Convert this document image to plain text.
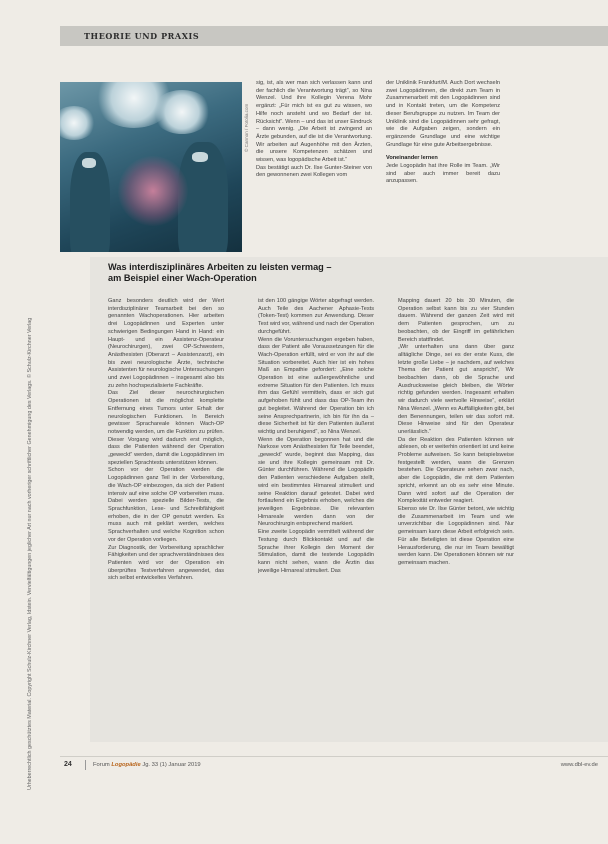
THEORIE UND PRAXIS
Urheberrechtlich geschütztes Material. Copyright Schulz-Kirchner Verlag, Idstein. Vervielfältigungen jeglicher Art nur nach vorheriger schriftlicher Genehmigung des Verlags. © Schulz-Kirchner Verlag
© Cannon / Fotolia.com

sig, ist, als wer man sich verlassen kann und der fachlich die Verantwortung trägt“, so Nina Wenzel. Und ihre Kollegin Verena Mohr ergänzt: „Für mich ist es gut zu wissen, wo Hilfe noch ansteht und wo Bedarf der ist. Rücksicht“. Wenn – und das ist unser Eindruck – dann wenig. „Die Arbeit ist zwingend an Ärzte gebunden, auf die ist die Verantwortung. Wir arbeiten auf Augenhöhe mit den Ärzten, die unsere Kompetenzen schätzen und wissen, was logopädische Arbeit ist.“

Das bestätigt auch Dr. Ilse Gunter-Steiner von den gewonnenen zwei Kollegen vom

der Uniklinik Frankfurt/M. Auch Dort wechseln zwei Logopädinnen, die direkt zum Team in Zusammenarbeit mit den Logopädinnen sind und in Kontakt treten, um die Kompetenz dieser Berufsgruppe zu nutzen. Im Team der Uniklinik sind die Logopädinnen sehr gefragt, wie die Aufgaben zeigen, sondern ein ergänzende Grundlage und eine wichtige Grundlage für eine gute Arbeitsergebnisse.

Voneinander lernen

Jede Logopädin hat ihre Rolle im Team. „Wir sind aber auch immer bereit dazu anzupassen.

Was interdisziplinäres Arbeiten zu leisten vermag –
am Beispiel einer Wach-Operation

Ganz besonders deutlich wird der Wert interdisziplinärer Teamarbeit bei den so genannten Wachoperationen. Hier arbeiten drei Logopädinnen und Experten unter schwierigen Bedingungen Hand in Hand: ein Haupt- und ein Assistenz-Operateur (Neurochirurgen), zwei OP-Schwestern, Anästhesisten (Oberarzt – Assistenzarzt), ein bis zwei neurologische Ärzte, technische Assistenten für neurologische Untersuchungen und zwei Logopädinnen – insgesamt also bis zu zehn hochspezialisierte Fachkräfte.

Das Ziel dieser neurochirurgischen Operationen ist die möglichst komplette Entfernung eines Tumors unter Erhalt der neurologischen Funktionen. In Bereich gewisser Sprachareale können Wach-OP notwendig werden, um die Funktion zu prüfen. Dieser Vorgang wird dadurch erst möglich, dass die Patienten während der Operation „geweckt“ werden, damit die Logopädinnen im speziellen Sprachtests unterstützen können.

Schon vor der Operation werden die Logopädinnen ganz Teil in der Vorbereitung, die Wach-OP einbezogen, da sich der Patient intensiv auf eine solche OP vorbereiten muss. Dabei werden spezielle Bilder-Tests, die Sprachfunktion, Lese- und Schreibfähigkeit erhoben, die in der OP genutzt werden. Es muss auch mit geklärt werden, welches Sprachverhalten und welche Kognition schon vor der Operation vorliegen.

Zur Diagnostik, der Vorbereitung sprachlicher Fähigkeiten und der sprachverständnisses des Patienten wird vor der Operation ein überprüftes Testverfahren angewendet, das sich selbst entwickeltes Verfahren.

ist den 100 gängige Wörter abgefragt werden. Auch Teile des Aachener Aphasie-Tests (Token-Test) kommen zur Anwendung. Dieser Test wird vor, während und nach der Operation durchgeführt.

Wenn die Voruntersuchungen ergeben haben, dass der Patient alle Voraussetzungen für die Wach-Operation erfüllt, wird er von ihr auf die Situation vorbereitet. Auch hier ist ein hohes Maß an Empathie gefordert: „Eine solche Operation ist eine außergewöhnliche und extreme Situation für den Patienten. Ich muss ihm das Gefühl vermitteln, dass er sich gut aufgehoben fühlt und dass das OP-Team ihn gut begleitet. Während der Operation bin ich seine Ansprechpartnerin, ich bin für ihn da – diese Sicherheit ist für den Patienten äußerst wichtig und beruhigend“, so Nina Wenzel.

Wenn die Operation begonnen hat und die Narkose vom Anästhesisten für Teile beendet, „geweckt“ wurde, beginnt das Mapping, das sie und ihre Kollegin gemeinsam mit Dr. Günter durchführen. Während die Logopädin den Patienten verschiedene Aufgaben stellt, wird ein bestimmtes Hirnareal stimuliert und seine Reaktion darauf getestet. Dabei wird fortlaufend ein Ergebnis erhoben, welches die jeweiligen Ergebnisse. Die relevanten Hirnareale werden dann von der Neurochirurgin entsprechend markiert.

Eine zweite Logopädin vermittelt während der Testung durch Blickkontakt und auf die Sprache ihrer Kollegin den Moment der Stimulation, damit die testende Logopädin kann nicht sehen, wann die Ärztin das jeweilige Hirnareal stimuliert. Das

Mapping dauert 20 bis 30 Minuten, die Operation selbst kann bis zu vier Stunden dauern. Während der ganzen Zeit wird mit dem Patienten gesprochen, um zu beobachten, ob der Eingriff im gefährlichen Bereich stattfindet.

„Wir unterhalten uns dann über ganz alltägliche Dinge, sei es der erste Kuss, die letzte große Liebe – je nachdem, auf welches Thema der Patient gut anspricht“, Wir beobachten dann, ob die Sprache und Ausdrucksweise gleich bleiben, die Wörter richtig gefunden werden. Insgesamt erhalten wir dadurch viele wertvolle Hinweise“, erklärt Nina Wenzel. „Wenn es Auffälligkeiten gibt, bei den Benennungen, teilen wir das sofort mit. Diese Hinweise sind für den Operateur unerlässlich.“

Da der Reaktion des Patienten können wir ablesen, ob er weiterhin orientiert ist und keine Probleme aufweisen. So kann beispielsweise festgestellt werden, wann die Grenzen bestehen. Die Operateure sehen zwar nach, aber die Logopädin, die mit dem Patienten spricht, erkennt an ob es sehr eine Minute. Dann wird sofort auf die Operation der Komplexität entweder reagiert.

Ebenso wie Dr. Ilse Günter betont, wie wichtig die Zusammenarbeit im Team und wie unverzichtbar die Logopädinnen sind. Nur gemeinsam kann diese Arbeit erfolgreich sein. Für alle Beteiligten ist diese Operation eine Herausforderung, die nur im Team bewältigt werden kann. Die Operationen können wir nur gemeinsam machen.

24	Forum Logopädie Jg. 33 (1) Januar 2019	www.dbl-ev.de
